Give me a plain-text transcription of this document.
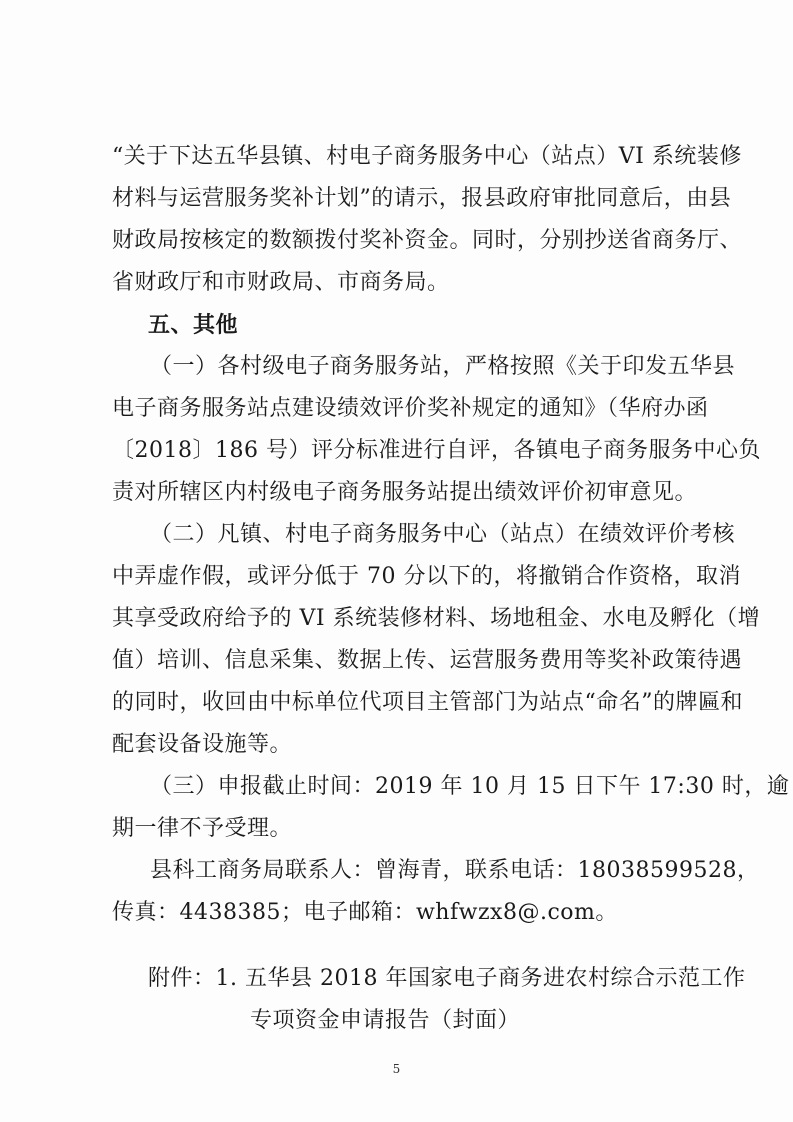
“关于下达五华县镇、村电子商务服务中心（站点）VI 系统装修
材料与运营服务奖补计划”的请示，报县政府审批同意后，由县
财政局按核定的数额拨付奖补资金。同时，分别抄送省商务厅、
省财政厅和市财政局、市商务局。
五、其他
（一）各村级电子商务服务站，严格按照《关于印发五华县
电子商务服务站点建设绩效评价奖补规定的通知》（华府办函
〔2018〕186 号）评分标准进行自评，各镇电子商务服务中心负
责对所辖区内村级电子商务服务站提出绩效评价初审意见。
（二）凡镇、村电子商务服务中心（站点）在绩效评价考核
中弄虚作假，或评分低于 70 分以下的，将撤销合作资格，取消
其享受政府给予的 VI 系统装修材料、场地租金、水电及孵化（增
值）培训、信息采集、数据上传、运营服务费用等奖补政策待遇
的同时，收回由中标单位代项目主管部门为站点“命名”的牌匾和
配套设备设施等。
（三）申报截止时间：2019 年 10 月 15 日下午 17:30 时，逾
期一律不予受理。
县科工商务局联系人：曾海青，联系电话：18038599528，
传真：4438385；电子邮箱：whfwzx8@.com。
附件：1. 五华县 2018 年国家电子商务进农村综合示范工作
专项资金申请报告（封面）
5
